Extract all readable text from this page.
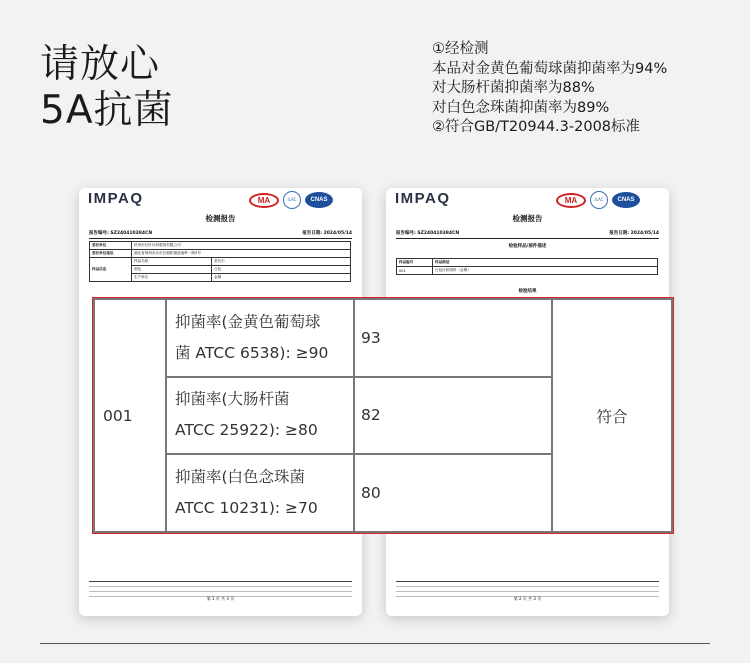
请放心
5A抗菌
①经检测
本品对金黄色葡萄球菌抑菌率为94%
对大肠杆菌抑菌率为88%
对白色念珠菌抑菌率为89%
②符合GB/T20944.3-2008标准
IMPAQ	MA	ILAC	CNAS

检测报告
报告编号: SZ240410384CN	报告日期: 2024/05/14
委托单位	杭州市红叶针织服饰有限公司	
委托单位地址	湖北省荆州市沙市区朝阳街道南岭一路5号	
样品信息	样品名称	美代尔
	颜色	白色
	生产单位	金佩
第 1 页 共 3 页
IMPAQ	MA	ILAC	CNAS

检测报告
报告编号: SZ240410384CN	报告日期: 2024/05/14
检验样品/部件描述
样品编号	样品描述
001	白色针织面料（金佩）
检验结果
第 2 页 共 3 页
001	抑菌率(金黄色葡萄球
菌 ATCC 6538): ≥90	93	符合

	抑菌率(大肠杆菌
ATCC 25922): ≥80	82	

	抑菌率(白色念珠菌
ATCC 10231): ≥70	80	
